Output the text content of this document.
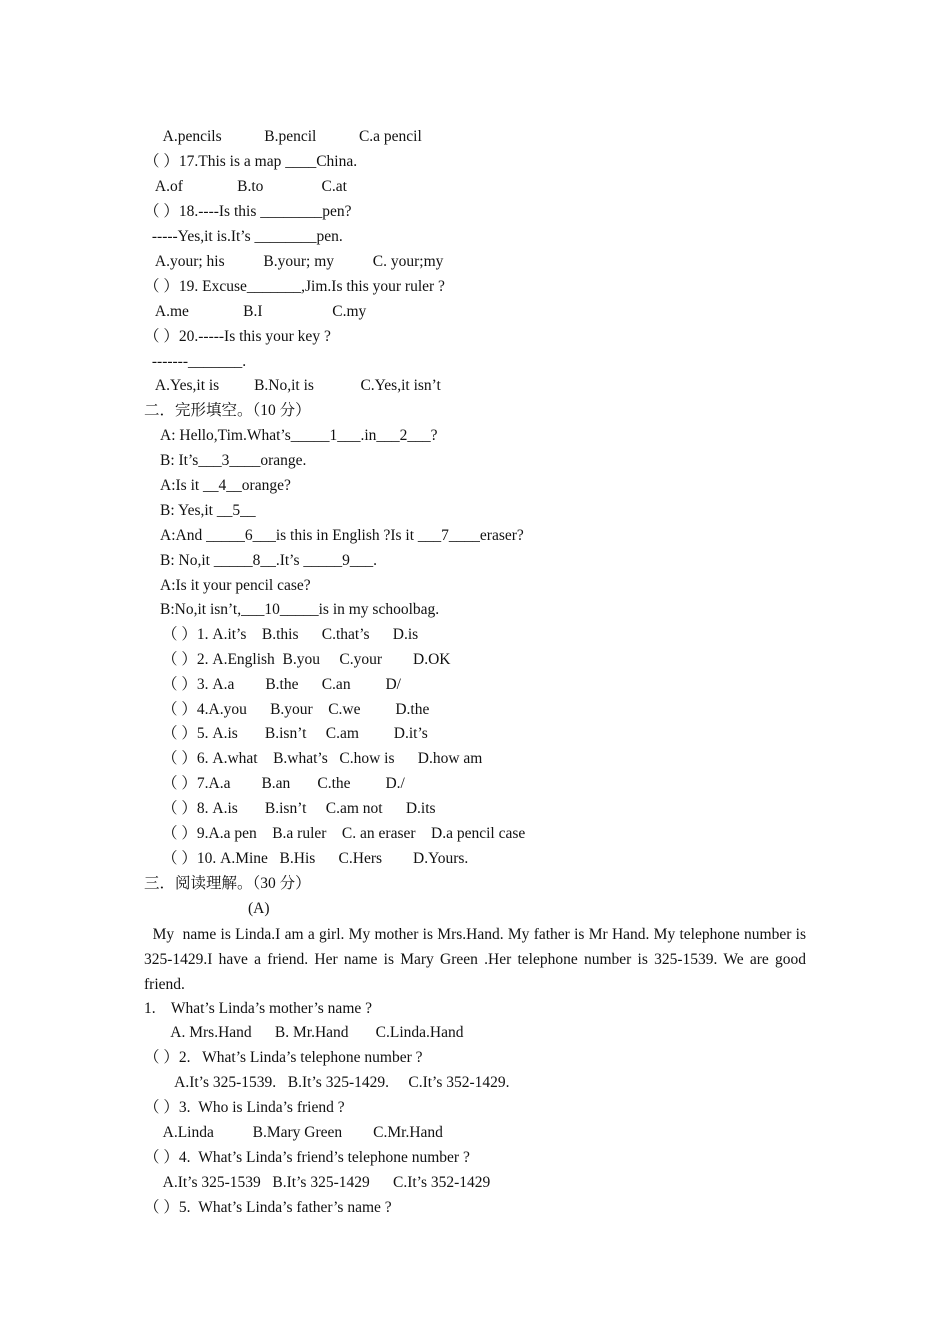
A.pencils           B.pencil           C.a pencil
（ ）17.This is a map ____China.
A.of              B.to               C.at
（ ）18.----Is this ________pen?
-----Yes,it is.It’s ________pen.
A.your; his          B.your; my          C. your;my
（ ）19. Excuse_______,Jim.Is this your ruler ?
A.me              B.I                  C.my
（ ）20.-----Is this your key ?
-------_______.
A.Yes,it is         B.No,it is            C.Yes,it isn’t
二．完形填空。（10 分）
A: Hello,Tim.What’s_____1___.in___2___?
B: It’s___3____orange.
A:Is it __4__orange?
B: Yes,it __5__
A:And _____6___is this in English ?Is it ___7____eraser?
B: No,it _____8__.It’s _____9___.
A:Is it your pencil case?
B:No,it isn’t,___10_____is in my schoolbag.
（ ）1. A.it’s    B.this      C.that’s      D.is
（ ）2. A.English  B.you     C.your        D.OK
（ ）3. A.a        B.the      C.an         D/
（ ）4.A.you      B.your    C.we         D.the
（ ）5. A.is       B.isn’t     C.am         D.it’s
（ ）6. A.what    B.what’s   C.how is      D.how am
（ ）7.A.a        B.an       C.the         D./
（ ）8. A.is       B.isn’t     C.am not      D.its
（ ）9.A.a pen    B.a ruler    C. an eraser    D.a pencil case
（ ）10. A.Mine   B.His      C.Hers        D.Yours.
三．阅读理解。（30 分）
(A)
My  name is Linda.I am a girl. My mother is Mrs.Hand. My father is Mr Hand. My telephone number is 325-1429.I have a friend. Her name is Mary Green .Her telephone number is 325-1539. We are good friend.
1.    What’s Linda’s mother’s name ?
A. Mrs.Hand      B. Mr.Hand       C.Linda.Hand
（ ）2.   What’s Linda’s telephone number ?
A.It’s 325-1539.   B.It’s 325-1429.     C.It’s 352-1429.
（ ）3.  Who is Linda’s friend ?
A.Linda          B.Mary Green        C.Mr.Hand
（ ）4.  What’s Linda’s friend’s telephone number ?
A.It’s 325-1539   B.It’s 325-1429      C.It’s 352-1429
（ ）5.  What’s Linda’s father’s name ?
